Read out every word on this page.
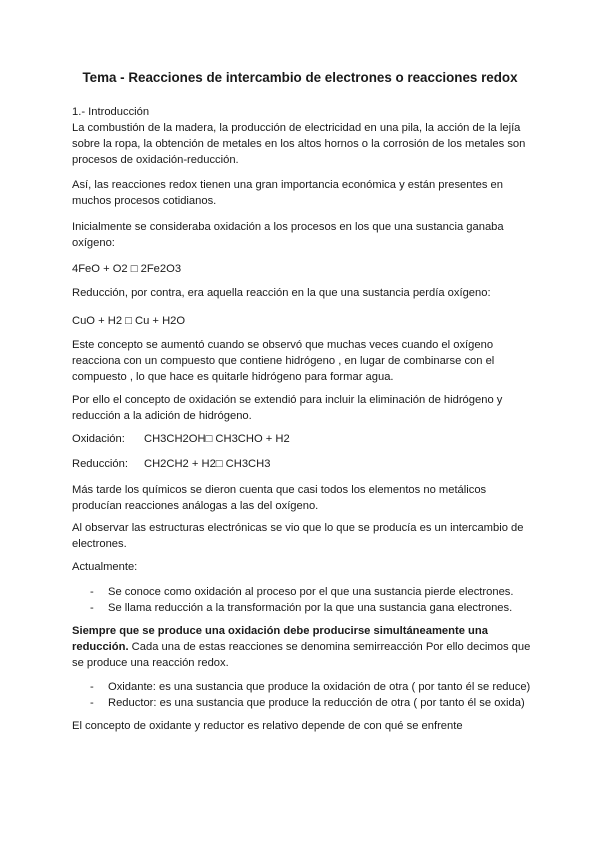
Tema - Reacciones de intercambio de electrones o reacciones redox
1.- Introducción
La combustión de la madera, la producción de electricidad en una pila, la acción de la lejía
sobre la ropa, la obtención de metales en los altos hornos o la corrosión de los metales son
procesos de oxidación-reducción.
Así, las reacciones redox tienen una gran importancia económica y están presentes en
muchos procesos cotidianos.
Inicialmente se consideraba oxidación a los procesos en los que una sustancia ganaba
oxígeno:
4FeO + O2 □ 2Fe2O3
Reducción, por contra, era aquella reacción en la que una sustancia perdía oxígeno:
CuO + H2 □ Cu + H2O
Este concepto se aumentó cuando se observó que muchas veces cuando el oxígeno
reacciona con un compuesto que contiene hidrógeno , en lugar de combinarse con el
compuesto , lo que hace es quitarle hidrógeno para formar agua.
Por ello el concepto de oxidación se extendió para incluir la eliminación de hidrógeno y
reducción a la adición de hidrógeno.
Oxidación: CH3CH2OH□ CH3CHO + H2
Reducción: CH2CH2 + H2□ CH3CH3
Más tarde los químicos se dieron cuenta que casi todos los elementos no metálicos
producían reacciones análogas a las del oxígeno.
Al observar las estructuras electrónicas se vio que lo que se producía es un intercambio de
electrones.
Actualmente:
- Se conoce como oxidación al proceso por el que una sustancia pierde electrones.
- Se llama reducción a la transformación por la que una sustancia gana electrones.
Siempre que se produce una oxidación debe producirse simultáneamente una
reducción. Cada una de estas reacciones se denomina semirreacción Por ello decimos que
se produce una reacción redox.
- Oxidante: es una sustancia que produce la oxidación de otra ( por tanto él se reduce)
- Reductor: es una sustancia que produce la reducción de otra ( por tanto él se oxida)
El concepto de oxidante y reductor es relativo depende de con qué se enfrente
